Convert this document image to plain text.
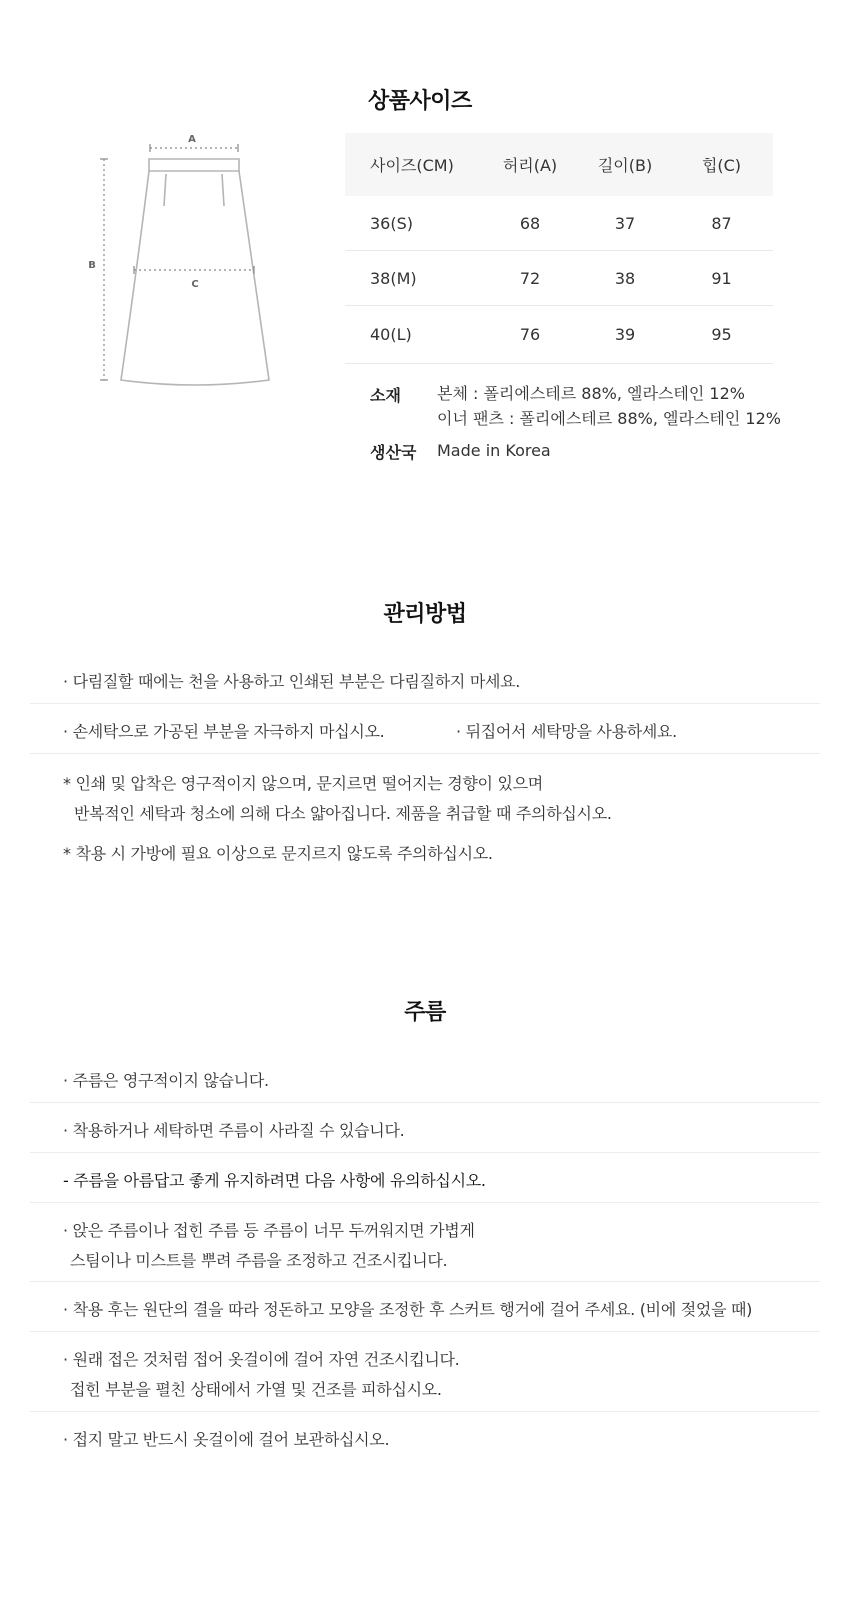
A
B
C
상품사이즈
사이즈(CM)	허리(A)	길이(B)	힙(C)
36(S)	68	37	87
38(M)	72	38	91
40(L)	76	39	95
소재 본체 : 폴리에스테르 88%, 엘라스테인 12%
이너 팬츠 : 폴리에스테르 88%, 엘라스테인 12%
생산국 Made in Korea
관리방법
· 다림질할 때에는 천을 사용하고 인쇄된 부분은 다림질하지 마세요.
· 손세탁으로 가공된 부분을 자극하지 마십시오.	· 뒤집어서 세탁망을 사용하세요.
* 인쇄 및 압착은 영구적이지 않으며, 문지르면 떨어지는 경향이 있으며
반복적인 세탁과 청소에 의해 다소 얇아집니다. 제품을 취급할 때 주의하십시오.
* 착용 시 가방에 필요 이상으로 문지르지 않도록 주의하십시오.
주름
· 주름은 영구적이지 않습니다.
· 착용하거나 세탁하면 주름이 사라질 수 있습니다.
- 주름을 아름답고 좋게 유지하려면 다음 사항에 유의하십시오.
· 앉은 주름이나 접힌 주름 등 주름이 너무 두꺼워지면 가볍게
스팀이나 미스트를 뿌려 주름을 조정하고 건조시킵니다.
· 착용 후는 원단의 결을 따라 정돈하고 모양을 조정한 후 스커트 행거에 걸어 주세요. (비에 젖었을 때)
· 원래 접은 것처럼 접어 옷걸이에 걸어 자연 건조시킵니다.
접힌 부분을 펼친 상태에서 가열 및 건조를 피하십시오.
· 접지 말고 반드시 옷걸이에 걸어 보관하십시오.
